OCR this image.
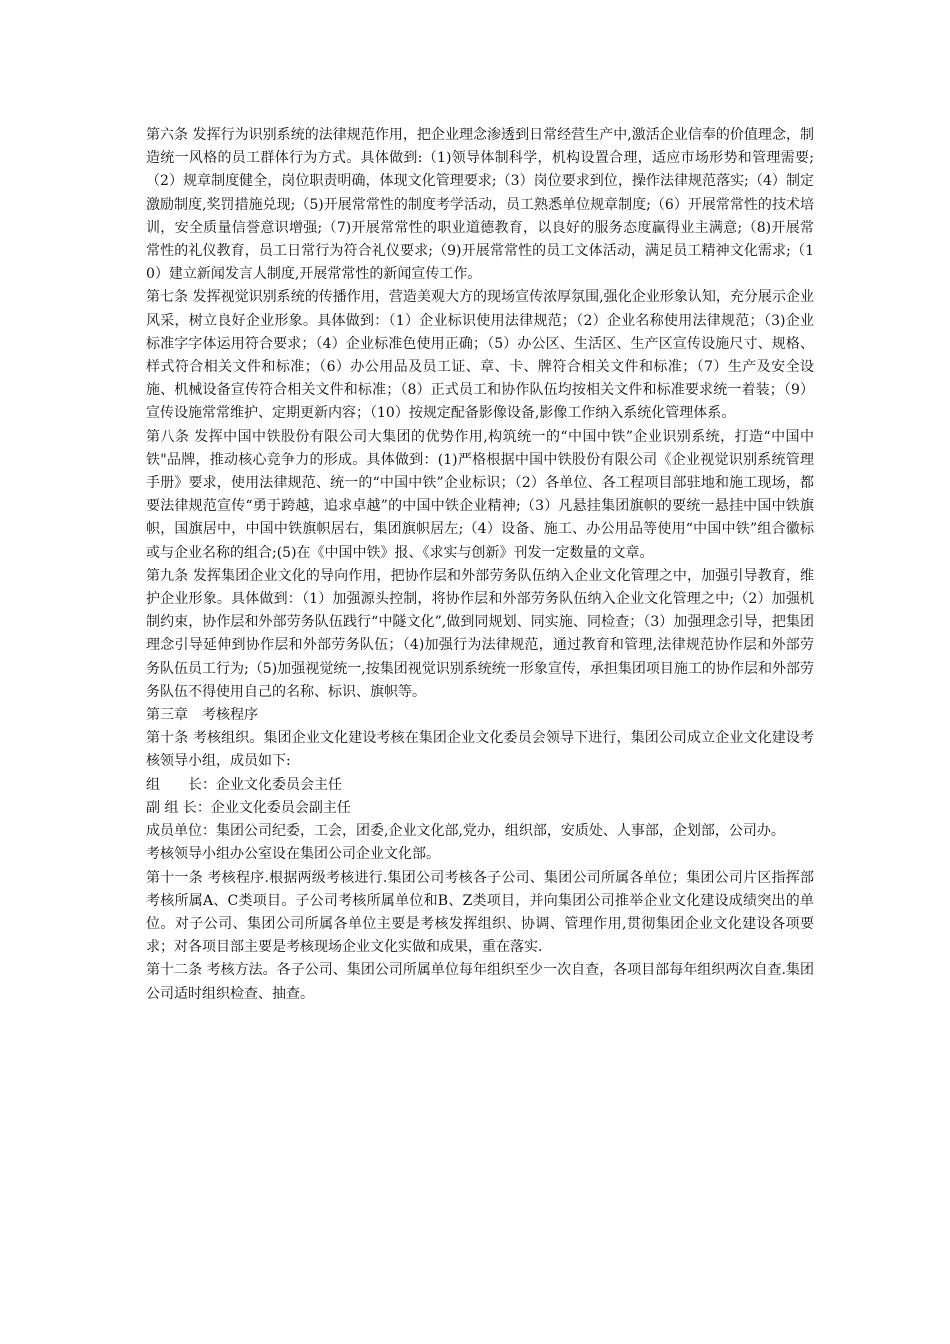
第六条 发挥行为识别系统的法律规范作用，把企业理念渗透到日常经营生产中,激活企业信奉的价值理念，制造统一风格的员工群体行为方式。具体做到:（1)领导体制科学，机构设置合理，适应市场形势和管理需要;（2）规章制度健全，岗位职责明确，体现文化管理要求;（3）岗位要求到位，操作法律规范落实;（4）制定激励制度,奖罚措施兑现;（5)开展常常性的制度考学活动，员工熟悉单位规章制度;（6）开展常常性的技术培训，安全质量信誉意识增强;（7)开展常常性的职业道德教育，以良好的服务态度赢得业主满意;（8)开展常常性的礼仪教育，员工日常行为符合礼仪要求;（9)开展常常性的员工文体活动，满足员工精神文化需求;（10）建立新闻发言人制度,开展常常性的新闻宣传工作。

第七条 发挥视觉识别系统的传播作用，营造美观大方的现场宣传浓厚氛围,强化企业形象认知，充分展示企业风采，树立良好企业形象。具体做到：（1）企业标识使用法律规范；（2）企业名称使用法律规范；（3)企业标准字字体运用符合要求；（4）企业标准色使用正确；（5）办公区、生活区、生产区宣传设施尺寸、规格、样式符合相关文件和标准；（6）办公用品及员工证、章、卡、牌符合相关文件和标准；（7）生产及安全设施、机械设备宣传符合相关文件和标准；（8）正式员工和协作队伍均按相关文件和标准要求统一着装；（9）宣传设施常常维护、定期更新内容；（10）按规定配备影像设备,影像工作纳入系统化管理体系。

第八条 发挥中国中铁股份有限公司大集团的优势作用,构筑统一的“中国中铁”企业识别系统，打造“中国中铁"品牌，推动核心竞争力的形成。具体做到：(1)严格根据中国中铁股份有限公司《企业视觉识别系统管理手册》要求，使用法律规范、统一的“中国中铁”企业标识；（2）各单位、各工程项目部驻地和施工现场，都要法律规范宣传“勇于跨越，追求卓越”的中国中铁企业精神;（3）凡悬挂集团旗帜的要统一悬挂中国中铁旗帜，国旗居中，中国中铁旗帜居右，集团旗帜居左;（4）设备、施工、办公用品等使用“中国中铁”组合徽标或与企业名称的组合;(5)在《中国中铁》报、《求实与创新》刊发一定数量的文章。

第九条 发挥集团企业文化的导向作用，把协作层和外部劳务队伍纳入企业文化管理之中，加强引导教育，维护企业形象。具体做到：（1）加强源头控制，将协作层和外部劳务队伍纳入企业文化管理之中;（2）加强机制约束，协作层和外部劳务队伍践行“中隧文化”,做到同规划、同实施、同检查；（3）加强理念引导，把集团理念引导延伸到协作层和外部劳务队伍；（4)加强行为法律规范，通过教育和管理,法律规范协作层和外部劳务队伍员工行为;（5)加强视觉统一,按集团视觉识别系统统一形象宣传，承担集团项目施工的协作层和外部劳务队伍不得使用自己的名称、标识、旗帜等。

第三章　考核程序

第十条 考核组织。集团企业文化建设考核在集团企业文化委员会领导下进行，集团公司成立企业文化建设考核领导小组，成员如下:

组　　长：企业文化委员会主任

副 组 长：企业文化委员会副主任

成员单位：集团公司纪委，工会，团委,企业文化部,党办，组织部，安质处、人事部，企划部，公司办。

考核领导小组办公室设在集团公司企业文化部。

第十一条 考核程序.根据两级考核进行.集团公司考核各子公司、集团公司所属各单位；集团公司片区指挥部考核所属A、C类项目。子公司考核所属单位和B、Z类项目，并向集团公司推举企业文化建设成绩突出的单位。对子公司、集团公司所属各单位主要是考核发挥组织、协调、管理作用,贯彻集团企业文化建设各项要求；对各项目部主要是考核现场企业文化实做和成果，重在落实.

第十二条 考核方法。各子公司、集团公司所属单位每年组织至少一次自查，各项目部每年组织两次自查.集团公司适时组织检查、抽查。
